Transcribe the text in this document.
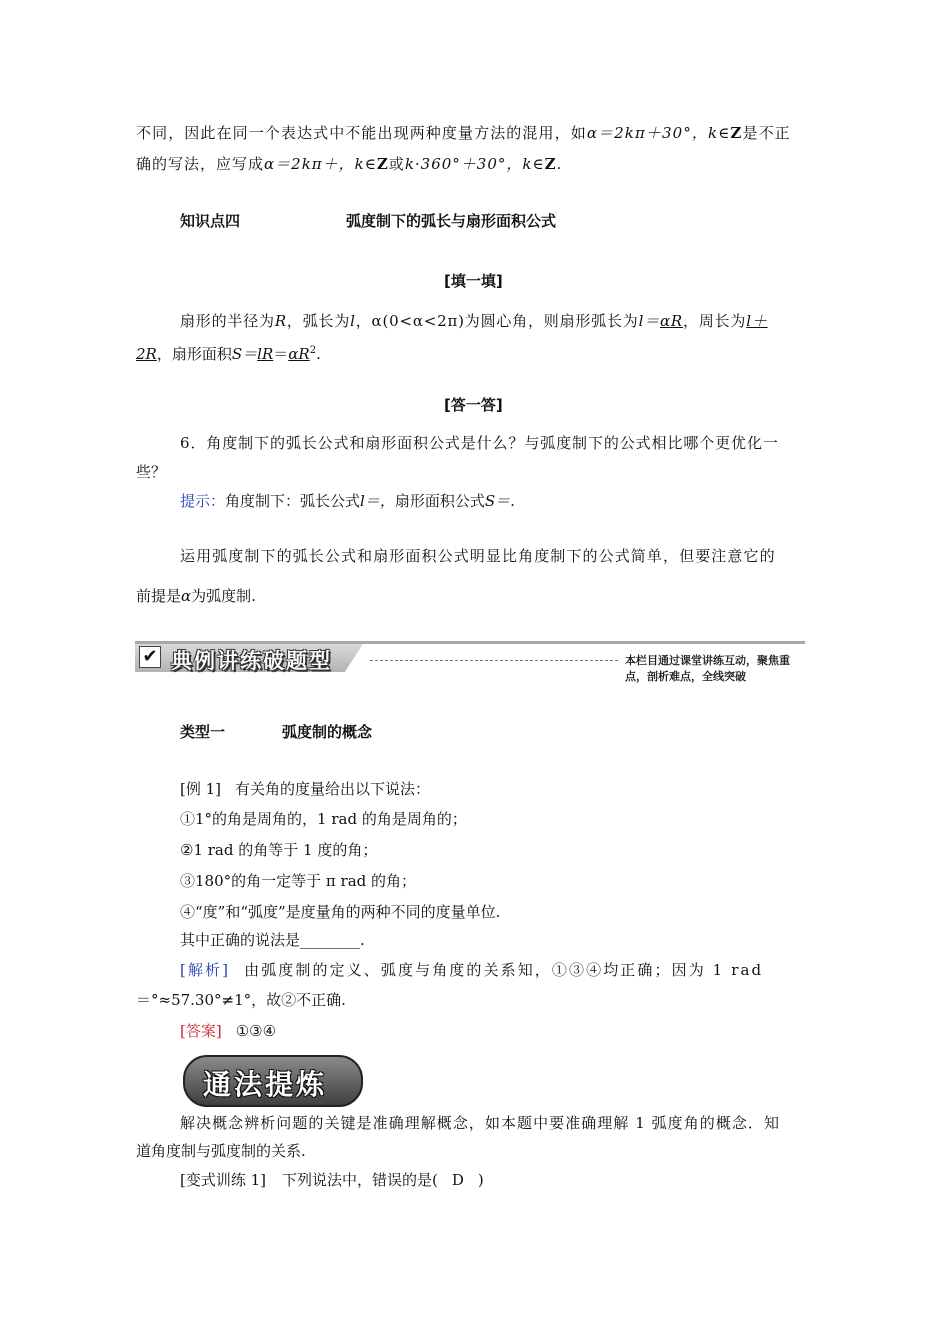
不同，因此在同一个表达式中不能出现两种度量方法的混用，如α＝2kπ＋30°，k∈Z是不正
确的写法，应写成α＝2kπ＋，k∈Z或k·360°＋30°，k∈Z.
知识点四	弧度制下的弧长与扇形面积公式
[填一填]
扇形的半径为R，弧长为l，α(0<α<2π)为圆心角，则扇形弧长为l＝αR，周长为l＋
2R，扇形面积$S=lR=\alpha R^2$.
[答一答]
6．角度制下的弧长公式和扇形面积公式是什么？与弧度制下的公式相比哪个更优化一
些？
提示：角度制下：弧长公式l＝，扇形面积公式S＝.
运用弧度制下的弧长公式和扇形面积公式明显比角度制下的公式简单，但要注意它的
前提是α为弧度制.
✔ 典例讲练破题型	本栏目通过课堂讲练互动，聚焦重点，剖析难点，全线突破
类型一	弧度制的概念
[例 1] 有关角的度量给出以下说法：
①1°的角是周角的，1 rad 的角是周角的；
②1 rad 的角等于 1 度的角；
③180°的角一定等于 π rad 的角；
④“度”和“弧度”是度量角的两种不同的度量单位.
其中正确的说法是________.
[解析] 由弧度制的定义、弧度与角度的关系知，①③④均正确；因为 1 rad
＝°≈57.30°≠1°，故②不正确.
[答案] ①③④
通法提炼
解决概念辨析问题的关键是准确理解概念，如本题中要准确理解 1 弧度角的概念．知
道角度制与弧度制的关系.
[变式训练 1] 下列说法中，错误的是( D )
